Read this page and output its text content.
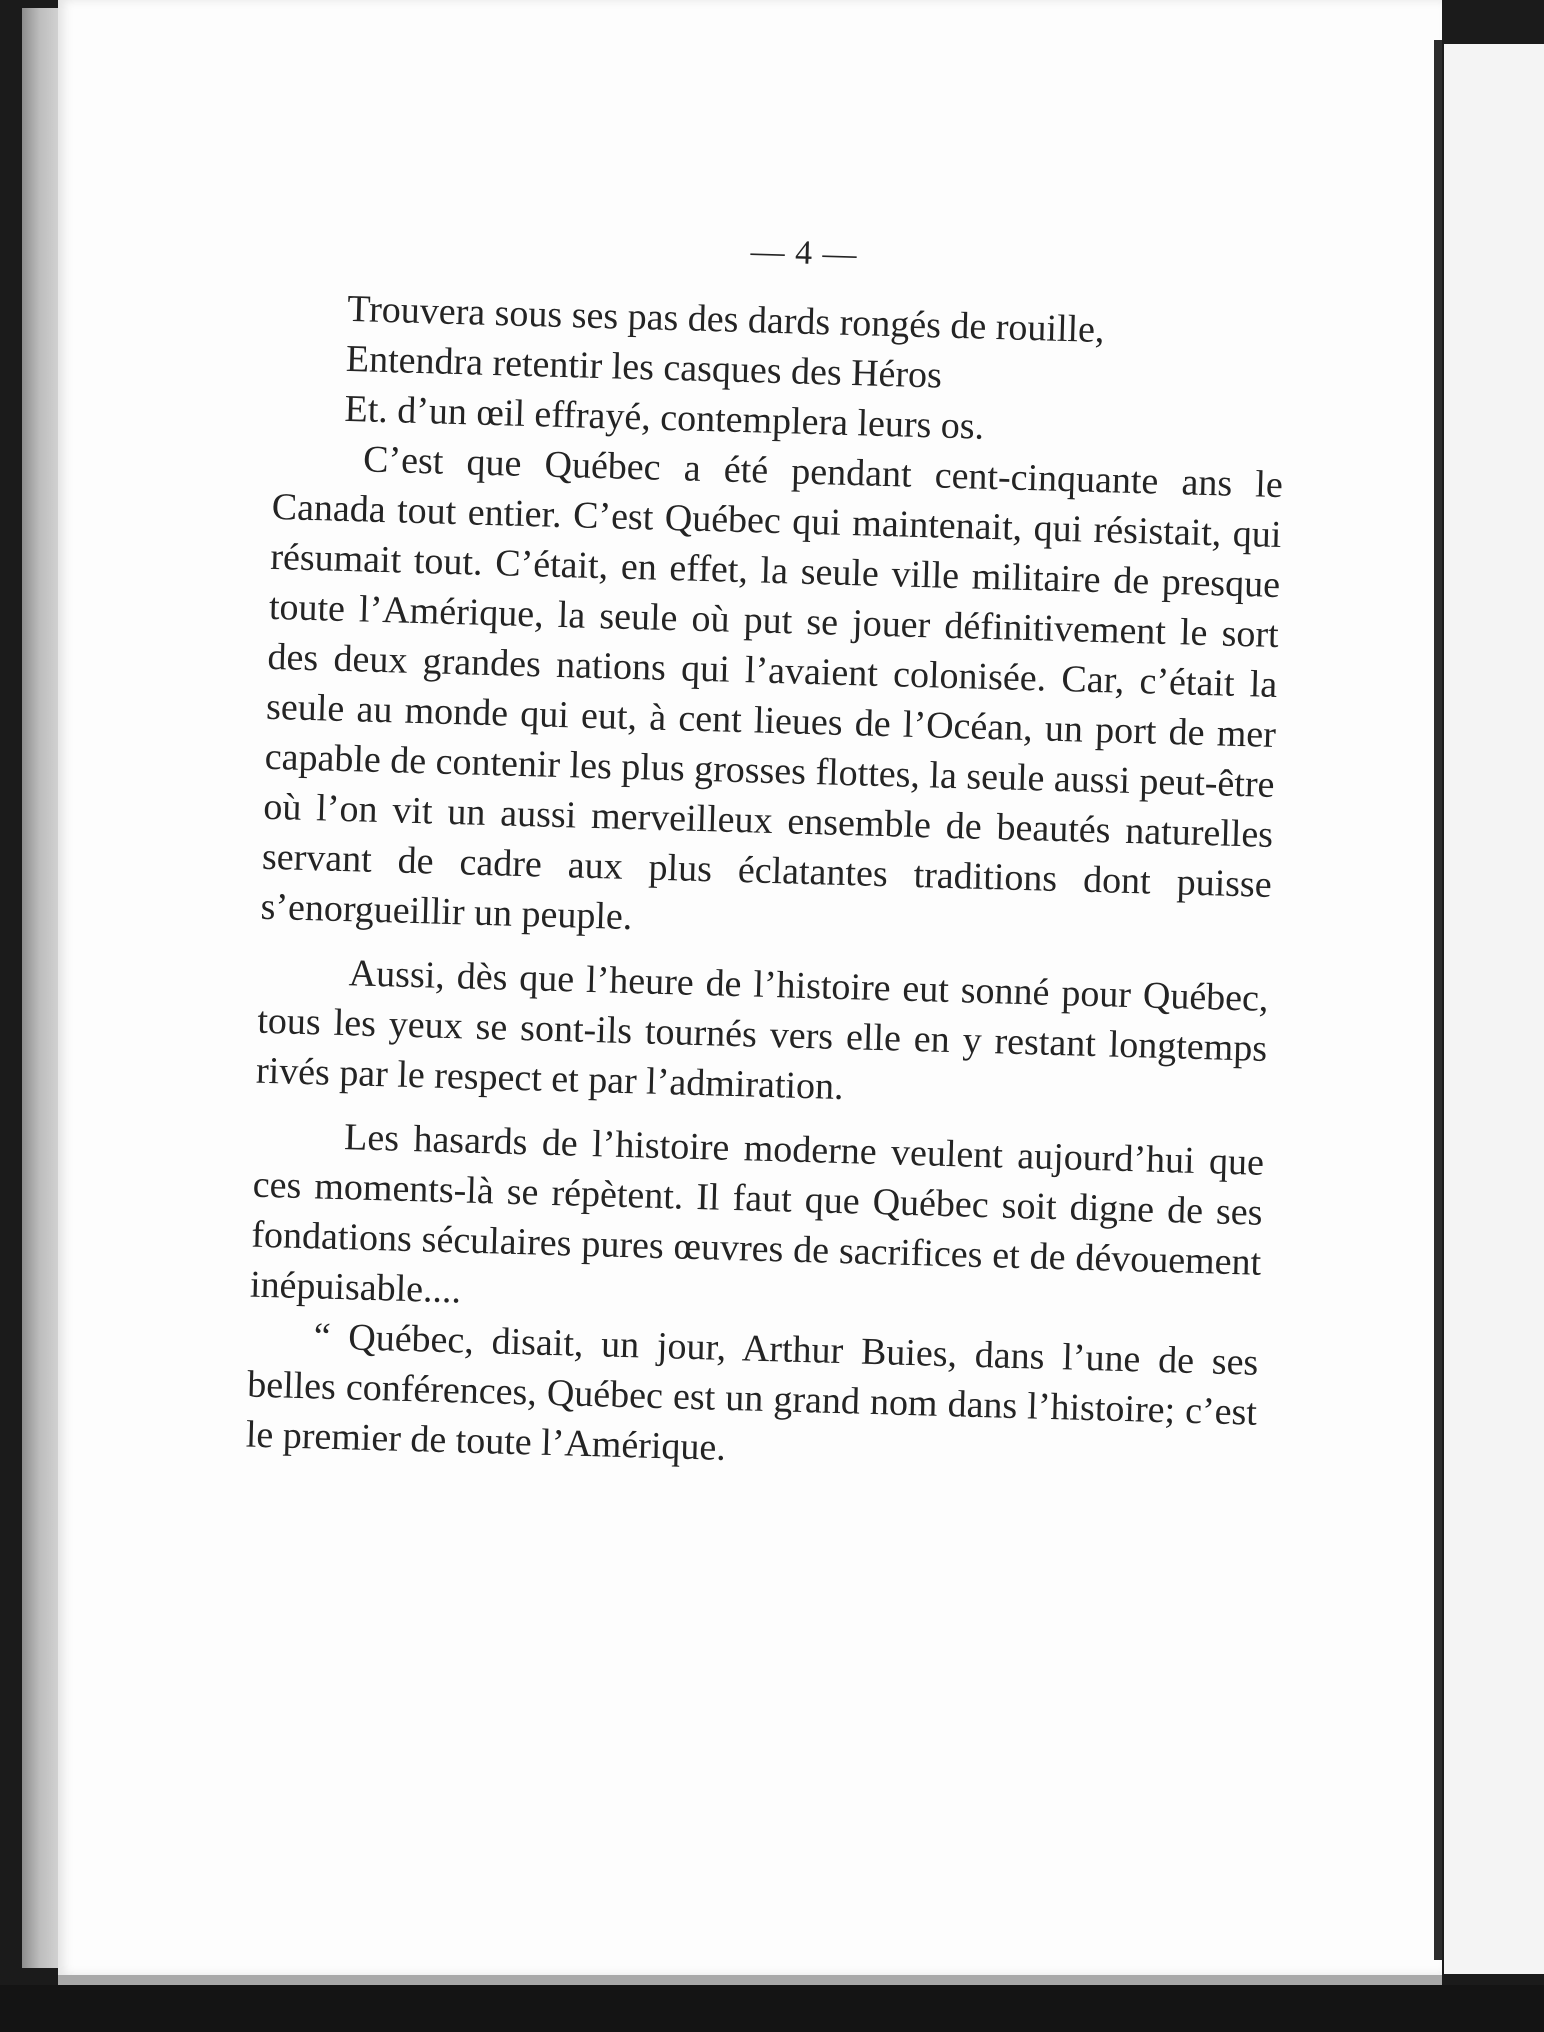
— 4 —

Trouvera sous ses pas des dards rongés de rouille,

Entendra retentir les casques des Héros

Et. d’un œil effrayé, contemplera leurs os.

C’est que Québec a été pendant cent-cinquante ans le Canada tout entier. C’est Québec qui maintenait, qui résistait, qui résumait tout. C’était, en effet, la seule ville militaire de presque toute l’Amérique, la seule où put se jouer définitivement le sort des deux grandes nations qui l’avaient colonisée. Car, c’était la seule au monde qui eut, à cent lieues de l’Océan, un port de mer capable de contenir les plus grosses flottes, la seule aussi peut-être où l’on vit un aussi merveilleux ensemble de beautés naturelles servant de cadre aux plus éclatantes traditions dont puisse s’enorgueillir un peuple.

Aussi, dès que l’heure de l’histoire eut sonné pour Québec, tous les yeux se sont-ils tournés vers elle en y restant longtemps rivés par le respect et par l’admiration.

Les hasards de l’histoire moderne veulent aujourd’hui que ces moments-là se répètent. Il faut que Québec soit digne de ses fondations séculaires pures œuvres de sacrifices et de dévouement inépuisable....

“ Québec, disait, un jour, Arthur Buies, dans l’une de ses belles conférences, Québec est un grand nom dans l’histoire; c’est le premier de toute l’Amérique.
